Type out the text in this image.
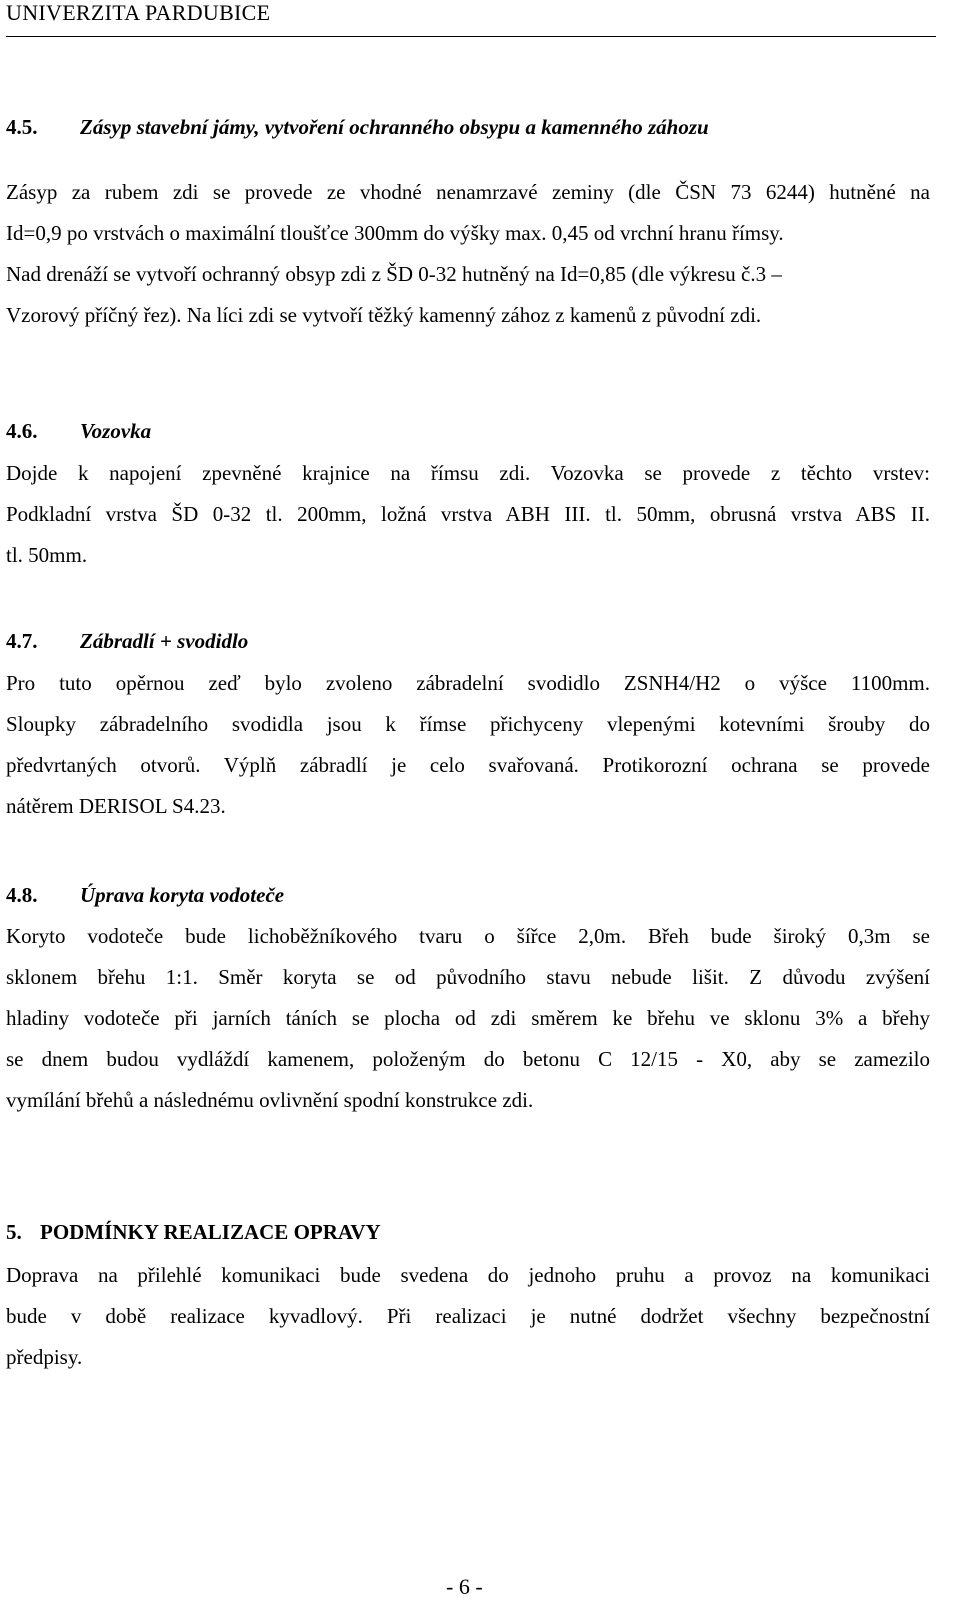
UNIVERZITA PARDUBICE
4.5. Zásyp stavební jámy, vytvoření ochranného obsypu a kamenného záhozu
Zásyp za rubem zdi se provede ze vhodné nenamrzavé zeminy (dle ČSN 73 6244) hutněné na
Id=0,9 po vrstvách o maximální tloušťce 300mm do výšky max. 0,45 od vrchní hranu římsy.
Nad drenáží se vytvoří ochranný obsyp zdi z ŠD 0-32 hutněný na Id=0,85 (dle výkresu č.3 –
Vzorový příčný řez). Na líci zdi se vytvoří těžký kamenný zához z kamenů z původní zdi.
4.6. Vozovka
Dojde k napojení zpevněné krajnice na římsu zdi. Vozovka se provede z těchto vrstev:
Podkladní vrstva ŠD 0-32 tl. 200mm, ložná vrstva ABH III. tl. 50mm, obrusná vrstva ABS II.
tl. 50mm.
4.7. Zábradlí + svodidlo
Pro tuto opěrnou zeď bylo zvoleno zábradelní svodidlo ZSNH4/H2 o výšce 1100mm.
Sloupky zábradelního svodidla jsou k římse přichyceny vlepenými kotevními šrouby do
předvrtaných otvorů. Výplň zábradlí je celo svařovaná. Protikorozní ochrana se provede
nátěrem DERISOL S4.23.
4.8. Úprava koryta vodoteče
Koryto vodoteče bude lichoběžníkového tvaru o šířce 2,0m. Břeh bude široký 0,3m se
sklonem břehu 1:1. Směr koryta se od původního stavu nebude lišit. Z důvodu zvýšení
hladiny vodoteče při jarních táních se plocha od zdi směrem ke břehu ve sklonu 3% a břehy
se dnem budou vydláždí kamenem, položeným do betonu C 12/15 - X0, aby se zamezilo
vymílání břehů a následnému ovlivnění spodní konstrukce zdi.
5. PODMÍNKY REALIZACE OPRAVY
Doprava na přilehlé komunikaci bude svedena do jednoho pruhu a provoz na komunikaci
bude v době realizace kyvadlový. Při realizaci je nutné dodržet všechny bezpečnostní
předpisy.
- 6 -
